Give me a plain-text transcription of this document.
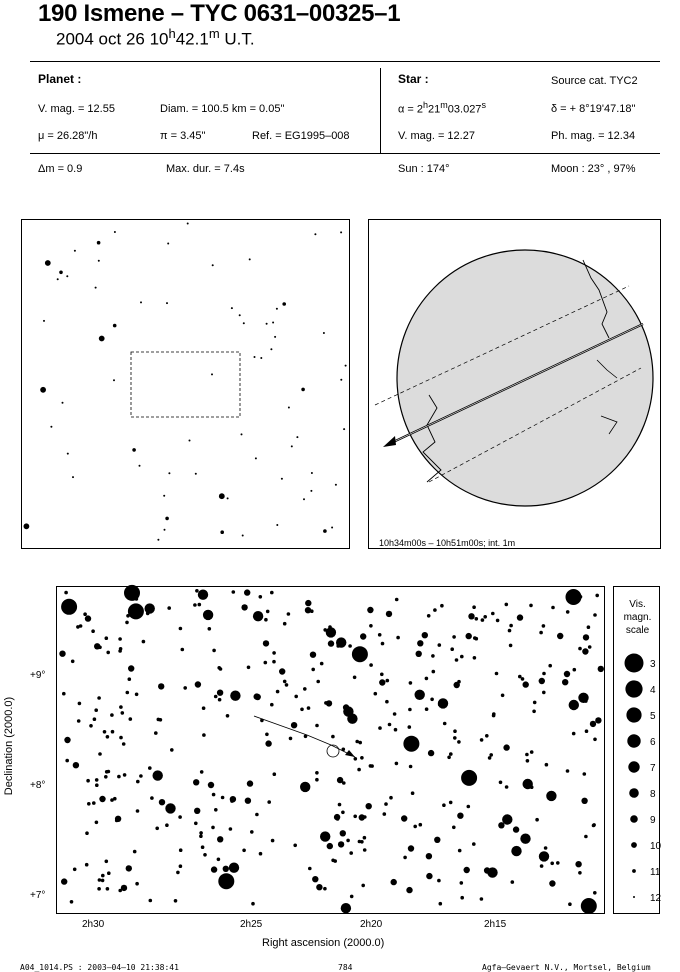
190 Ismene – TYC 0631–00325–1
2004 oct 26 10$^h$42.1$^m$ U.T.
Planet :
V. mag. = 12.55	Diam. = 100.5 km = 0.05"
μ = 26.28"/h	π = 3.45"	Ref. = EG1995–008
Star :	Source cat. TYC2
$\alpha = 2^h21^m03.027^s$	δ = + 8°19'47.18"
V. mag. = 12.27	Ph. mag. = 12.34
Δm = 0.9	Max. dur. = 7.4s	Sun : 174°	Moon : 23° , 97%
10h34m00s – 10h51m00s; int. 1m
2h30	2h25	2h20	2h15
Right ascension (2000.0)
+9°
+8°
+7°
Declination (2000.0)
Vis.
magn.
scale
3
4
5
6
7
8
9
10
11
12
A04_1014.PS : 2003–04–10 21:38:41	784	Agfa–Gevaert N.V., Mortsel, Belgium
